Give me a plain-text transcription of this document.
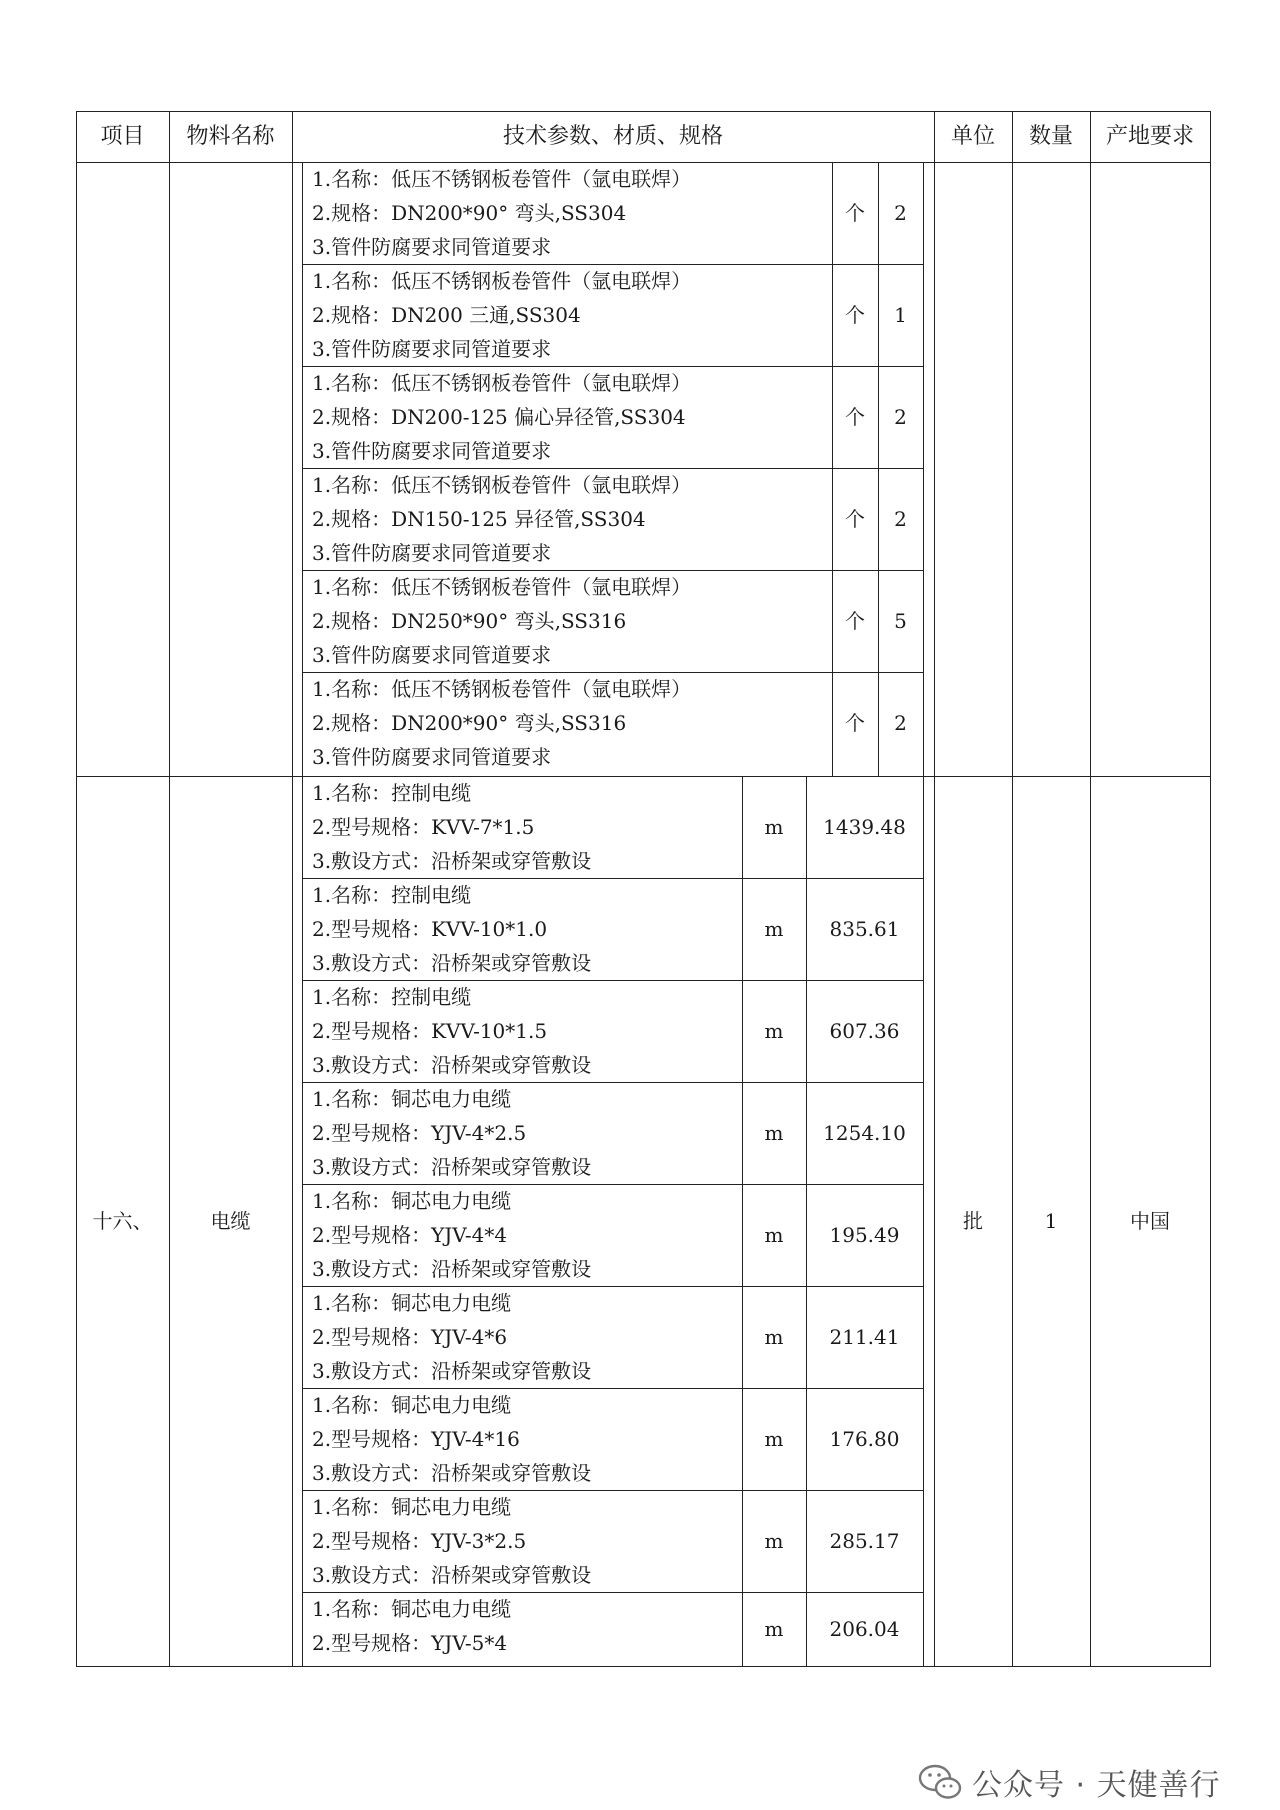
项目	物料名称	技术参数、材质、规格	单位	数量	产地要求
1.名称：低压不锈钢板卷管件（氩电联焊）
2.规格：DN200*90° 弯头,SS304
3.管件防腐要求同管道要求
个	2
1.名称：低压不锈钢板卷管件（氩电联焊）
2.规格：DN200 三通,SS304
3.管件防腐要求同管道要求
个	1
1.名称：低压不锈钢板卷管件（氩电联焊）
2.规格：DN200-125 偏心异径管,SS304
3.管件防腐要求同管道要求
个	2
1.名称：低压不锈钢板卷管件（氩电联焊）
2.规格：DN150-125 异径管,SS304
3.管件防腐要求同管道要求
个	2
1.名称：低压不锈钢板卷管件（氩电联焊）
2.规格：DN250*90° 弯头,SS316
3.管件防腐要求同管道要求
个	5
1.名称：低压不锈钢板卷管件（氩电联焊）
2.规格：DN200*90° 弯头,SS316
3.管件防腐要求同管道要求
个	2
十六、	电缆	批	1	中国
1.名称：控制电缆
2.型号规格：KVV-7*1.5
3.敷设方式：沿桥架或穿管敷设
m	1439.48
1.名称：控制电缆
2.型号规格：KVV-10*1.0
3.敷设方式：沿桥架或穿管敷设
m	835.61
1.名称：控制电缆
2.型号规格：KVV-10*1.5
3.敷设方式：沿桥架或穿管敷设
m	607.36
1.名称：铜芯电力电缆
2.型号规格：YJV-4*2.5
3.敷设方式：沿桥架或穿管敷设
m	1254.10
1.名称：铜芯电力电缆
2.型号规格：YJV-4*4
3.敷设方式：沿桥架或穿管敷设
m	195.49
1.名称：铜芯电力电缆
2.型号规格：YJV-4*6
3.敷设方式：沿桥架或穿管敷设
m	211.41
1.名称：铜芯电力电缆
2.型号规格：YJV-4*16
3.敷设方式：沿桥架或穿管敷设
m	176.80
1.名称：铜芯电力电缆
2.型号规格：YJV-3*2.5
3.敷设方式：沿桥架或穿管敷设
m	285.17
1.名称：铜芯电力电缆
2.型号规格：YJV-5*4
m	206.04
公众号 · 天健善行
